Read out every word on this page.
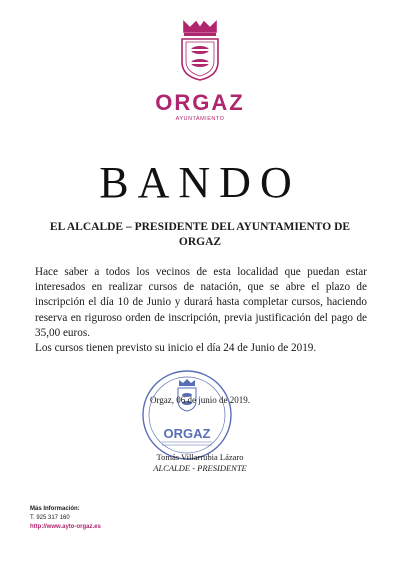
ORGAZ
AYUNTAMIENTO
BANDO
EL ALCALDE – PRESIDENTE DEL AYUNTAMIENTO DE ORGAZ

Hace saber a todos los vecinos de esta localidad que puedan estar interesados en realizar cursos de natación, que se abre el plazo de inscripción el día 10 de Junio y durará hasta completar cursos, haciendo reserva en riguroso orden de inscripción, previa justificación del pago de 35,00 euros.

Los cursos tienen previsto su inicio el día 24 de Junio de 2019.

ORGAZ
Orgaz, 06 de junio de 2019.
Tomás Villarrubia Lázaro
ALCALDE - PRESIDENTE
Más Información:
T. 925 317 160
http://www.ayto-orgaz.es
